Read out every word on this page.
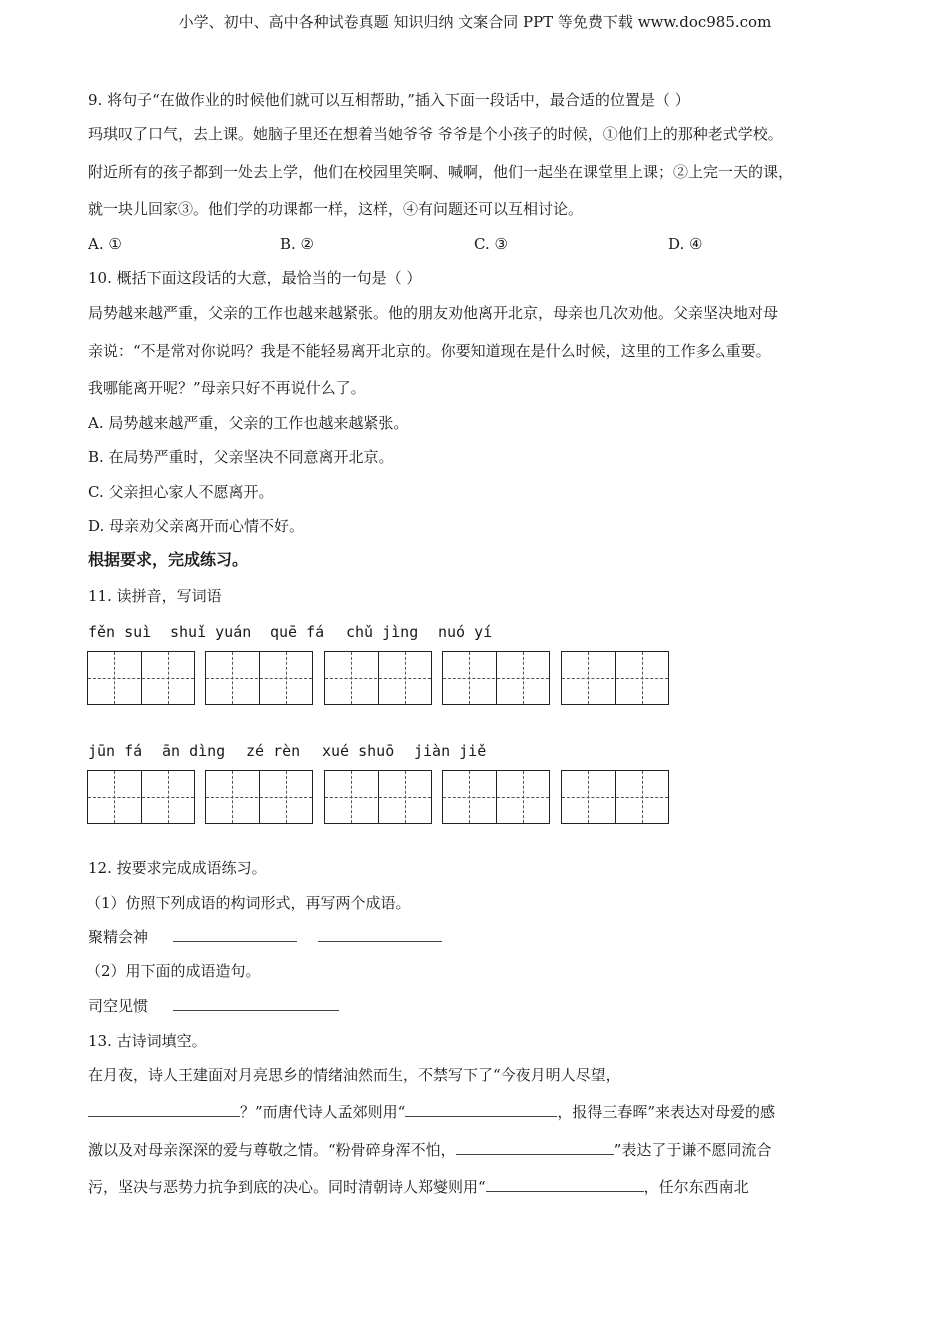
小学、初中、高中各种试卷真题 知识归纳 文案合同 PPT 等免费下载 www.doc985.com
9. 将句子“在做作业的时候他们就可以互相帮助，”插入下面一段话中，最合适的位置是（ ）
玛琪叹了口气，去上课。她脑子里还在想着当她爷爷 爷爷是个小孩子的时候，①他们上的那种老式学校。
附近所有的孩子都到一处去上学，他们在校园里笑啊、喊啊，他们一起坐在课堂里上课；②上完一天的课，
就一块儿回家③。他们学的功课都一样，这样，④有问题还可以互相讨论。
A. ①	B. ②	C. ③	D. ④
10. 概括下面这段话的大意，最恰当的一句是（ ）
局势越来越严重，父亲的工作也越来越紧张。他的朋友劝他离开北京，母亲也几次劝他。父亲坚决地对母
亲说：“不是常对你说吗？我是不能轻易离开北京的。你要知道现在是什么时候，这里的工作多么重要。
我哪能离开呢？”母亲只好不再说什么了。
A. 局势越来越严重，父亲的工作也越来越紧张。
B. 在局势严重时，父亲坚决不同意离开北京。
C. 父亲担心家人不愿离开。
D. 母亲劝父亲离开而心情不好。
根据要求，完成练习。
11. 读拼音，写词语
fěn suì shuǐ yuán quē fá chǔ jìng nuó yí
jūn fá ān dìng zé rèn xué shuō jiàn jiě
12. 按要求完成成语练习。
（1）仿照下列成语的构词形式，再写两个成语。
聚精会神
（2）用下面的成语造句。
司空见惯
13. 古诗词填空。
在月夜，诗人王建面对月亮思乡的情绪油然而生，不禁写下了“今夜月明人尽望，
？”而唐代诗人孟郊则用“	，报得三春晖”来表达对母爱的感
激以及对母亲深深的爱与尊敬之情。“粉骨碎身浑不怕，	”表达了于谦不愿同流合
污，坚决与恶势力抗争到底的决心。同时清朝诗人郑燮则用“	，任尔东西南北
